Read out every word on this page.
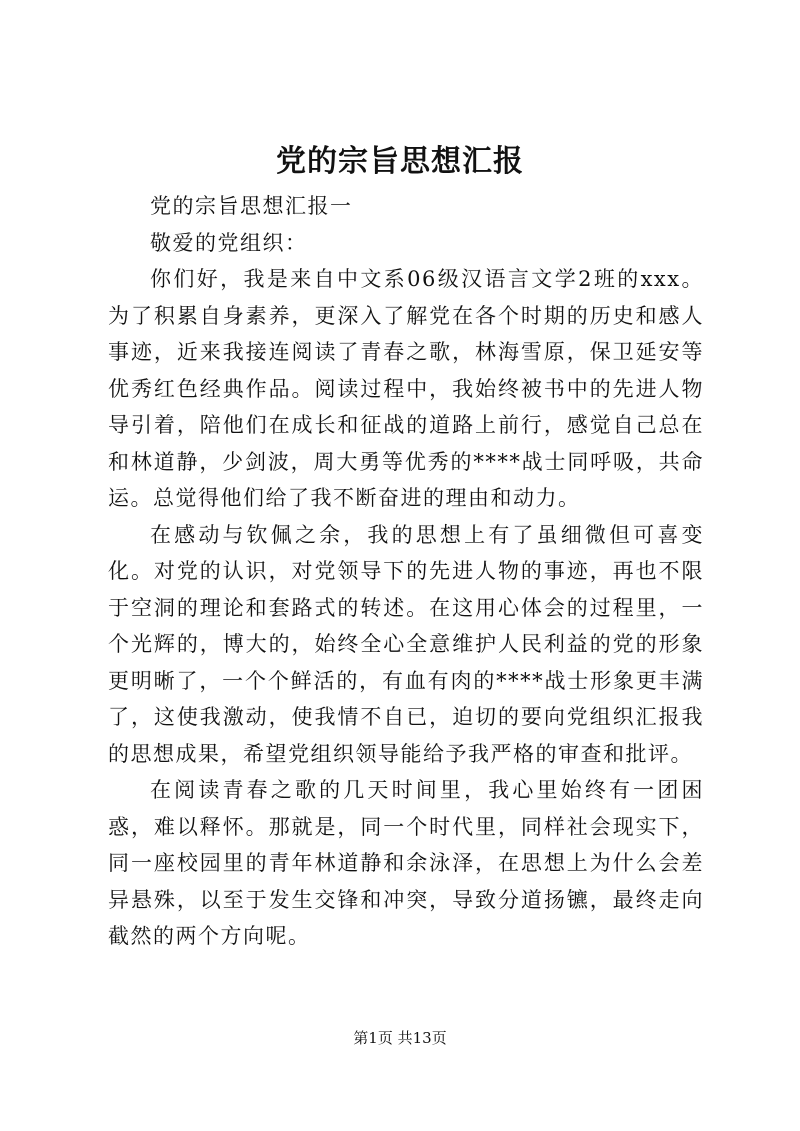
党的宗旨思想汇报

党的宗旨思想汇报一

敬爱的党组织：

你们好，我是来自中文系06级汉语言文学2班的xxx。为了积累自身素养，更深入了解党在各个时期的历史和感人事迹，近来我接连阅读了青春之歌，林海雪原，保卫延安等优秀红色经典作品。阅读过程中，我始终被书中的先进人物导引着，陪他们在成长和征战的道路上前行，感觉自己总在和林道静，少剑波，周大勇等优秀的****战士同呼吸，共命运。总觉得他们给了我不断奋进的理由和动力。

在感动与钦佩之余，我的思想上有了虽细微但可喜变化。对党的认识，对党领导下的先进人物的事迹，再也不限于空洞的理论和套路式的转述。在这用心体会的过程里，一个光辉的，博大的，始终全心全意维护人民利益的党的形象更明晰了，一个个鲜活的，有血有肉的****战士形象更丰满了，这使我激动，使我情不自已，迫切的要向党组织汇报我的思想成果，希望党组织领导能给予我严格的审查和批评。

在阅读青春之歌的几天时间里，我心里始终有一团困惑，难以释怀。那就是，同一个时代里，同样社会现实下，同一座校园里的青年林道静和余泳泽，在思想上为什么会差异悬殊，以至于发生交锋和冲突，导致分道扬镳，最终走向截然的两个方向呢。

第1页 共13页
